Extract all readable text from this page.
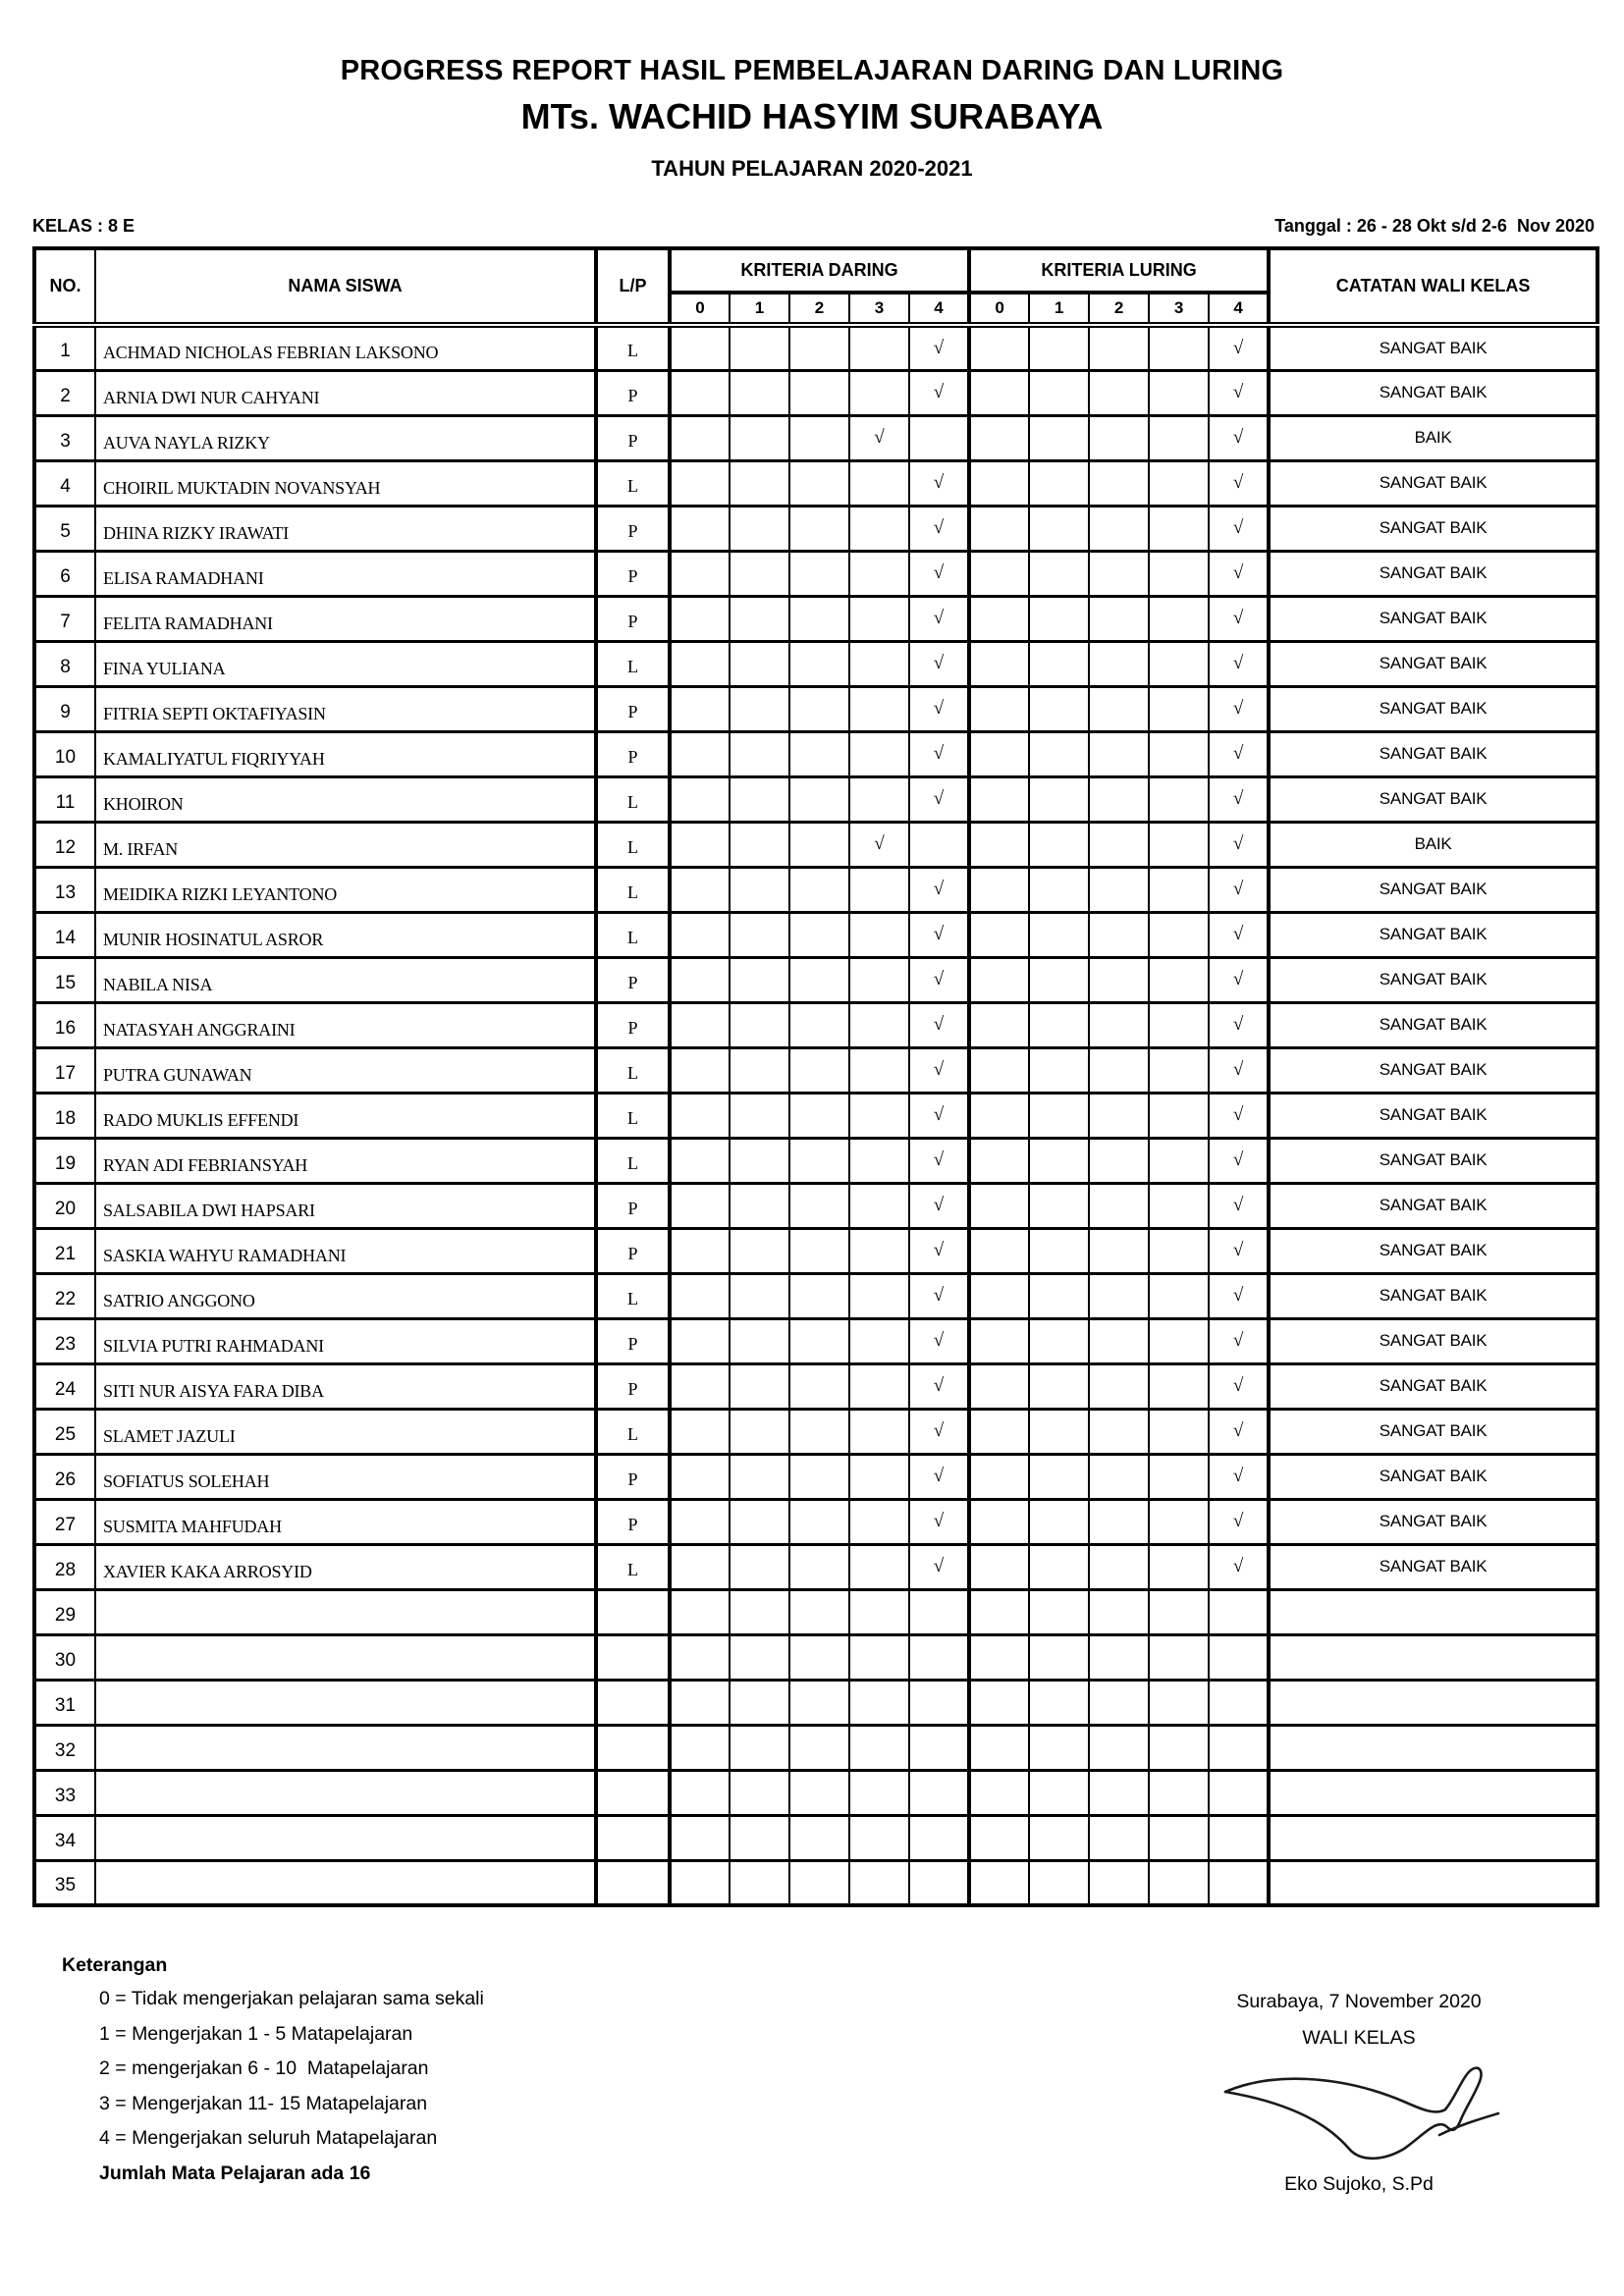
PROGRESS REPORT HASIL PEMBELAJARAN DARING DAN LURING
MTs. WACHID HASYIM SURABAYA
TAHUN PELAJARAN 2020-2021
KELAS : 8 E	Tanggal : 26 - 28 Okt s/d 2-6  Nov 2020
NO.	NAMA SISWA	L/P	KRITERIA DARING					KRITERIA LURING					CATATAN WALI KELAS
			0	1	2	3	4	0	1	2	3	4	
1	ACHMAD NICHOLAS FEBRIAN LAKSONO	L					√					√	SANGAT BAIK
2	ARNIA DWI NUR CAHYANI	P					√					√	SANGAT BAIK
3	AUVA NAYLA RIZKY	P				√						√	BAIK
4	CHOIRIL MUKTADIN NOVANSYAH	L					√					√	SANGAT BAIK
5	DHINA RIZKY IRAWATI	P					√					√	SANGAT BAIK
6	ELISA RAMADHANI	P					√					√	SANGAT BAIK
7	FELITA RAMADHANI	P					√					√	SANGAT BAIK
8	FINA YULIANA	L					√					√	SANGAT BAIK
9	FITRIA SEPTI OKTAFIYASIN	P					√					√	SANGAT BAIK
10	KAMALIYATUL FIQRIYYAH	P					√					√	SANGAT BAIK
11	KHOIRON	L					√					√	SANGAT BAIK
12	M. IRFAN	L				√						√	BAIK
13	MEIDIKA RIZKI LEYANTONO	L					√					√	SANGAT BAIK
14	MUNIR HOSINATUL ASROR	L					√					√	SANGAT BAIK
15	NABILA NISA	P					√					√	SANGAT BAIK
16	NATASYAH ANGGRAINI	P					√					√	SANGAT BAIK
17	PUTRA GUNAWAN	L					√					√	SANGAT BAIK
18	RADO MUKLIS EFFENDI	L					√					√	SANGAT BAIK
19	RYAN ADI FEBRIANSYAH	L					√					√	SANGAT BAIK
20	SALSABILA DWI HAPSARI	P					√					√	SANGAT BAIK
21	SASKIA WAHYU RAMADHANI	P					√					√	SANGAT BAIK
22	SATRIO ANGGONO	L					√					√	SANGAT BAIK
23	SILVIA PUTRI RAHMADANI	P					√					√	SANGAT BAIK
24	SITI NUR AISYA FARA DIBA	P					√					√	SANGAT BAIK
25	SLAMET JAZULI	L					√					√	SANGAT BAIK
26	SOFIATUS SOLEHAH	P					√					√	SANGAT BAIK
27	SUSMITA MAHFUDAH	P					√					√	SANGAT BAIK
28	XAVIER KAKA ARROSYID	L					√					√	SANGAT BAIK
29													
30													
31													
32													
33													
34													
35													
Keterangan
0 = Tidak mengerjakan pelajaran sama sekali
1 = Mengerjakan 1 - 5 Matapelajaran
2 = mengerjakan 6 - 10  Matapelajaran
3 = Mengerjakan 11- 15 Matapelajaran
4 = Mengerjakan seluruh Matapelajaran
Jumlah Mata Pelajaran ada 16
Surabaya, 7 November 2020
WALI KELAS
Eko Sujoko, S.Pd
